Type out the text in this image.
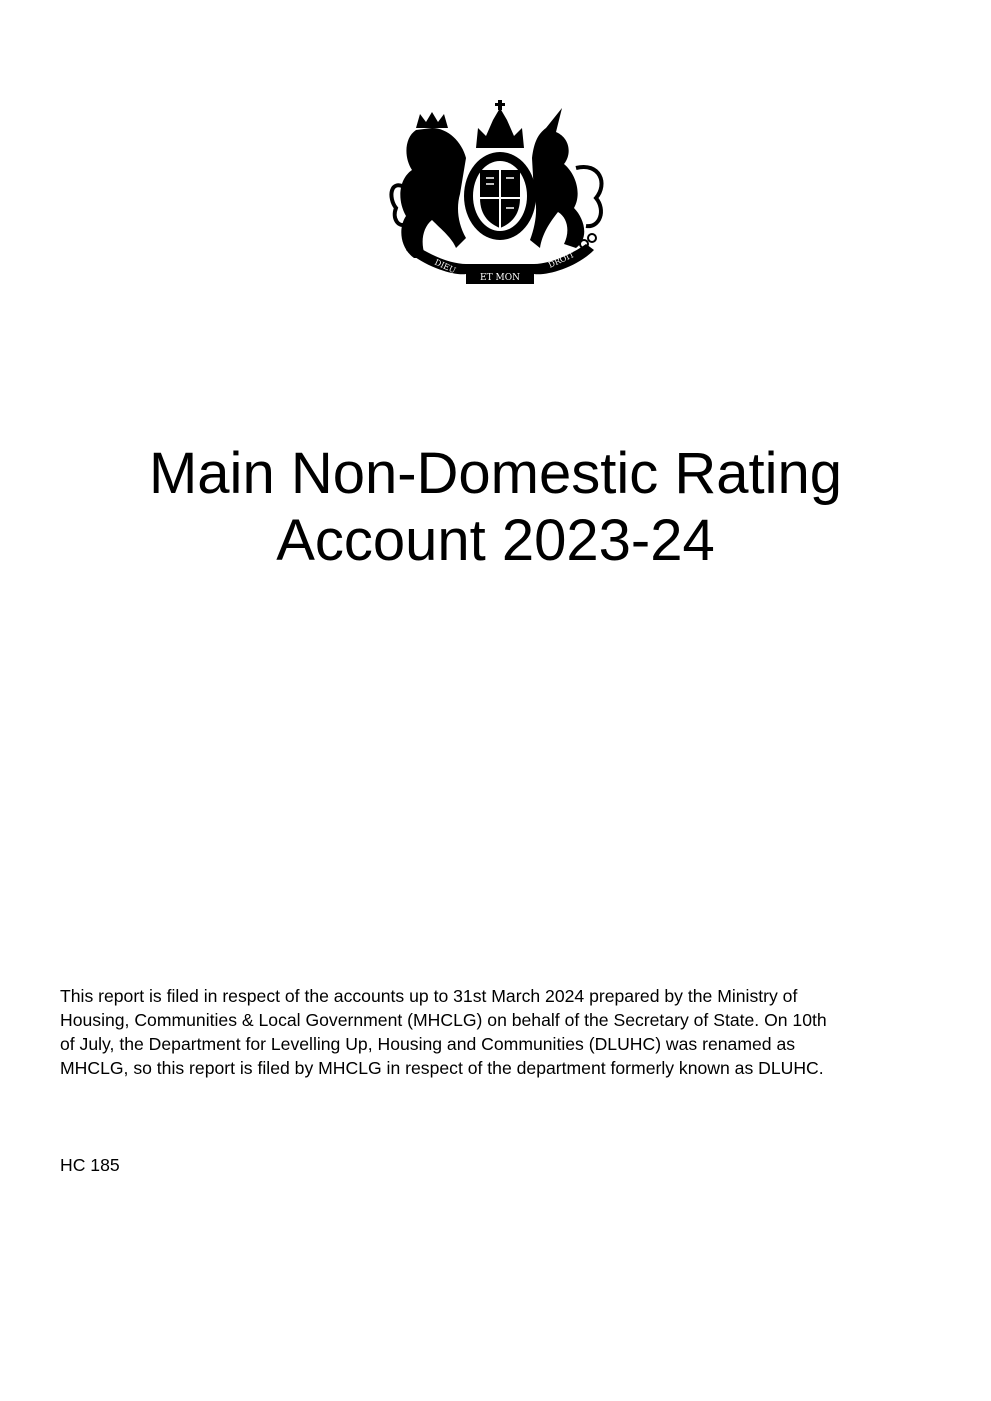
ET MON
DIEU	DROIT
Main Non-Domestic Rating
Account 2023-24
This report is filed in respect of the accounts up to 31st March 2024 prepared by the Ministry of
Housing, Communities & Local Government (MHCLG) on behalf of the Secretary of State. On 10th
of July, the Department for Levelling Up, Housing and Communities (DLUHC) was renamed as
MHCLG, so this report is filed by MHCLG in respect of the department formerly known as DLUHC.
HC 185
